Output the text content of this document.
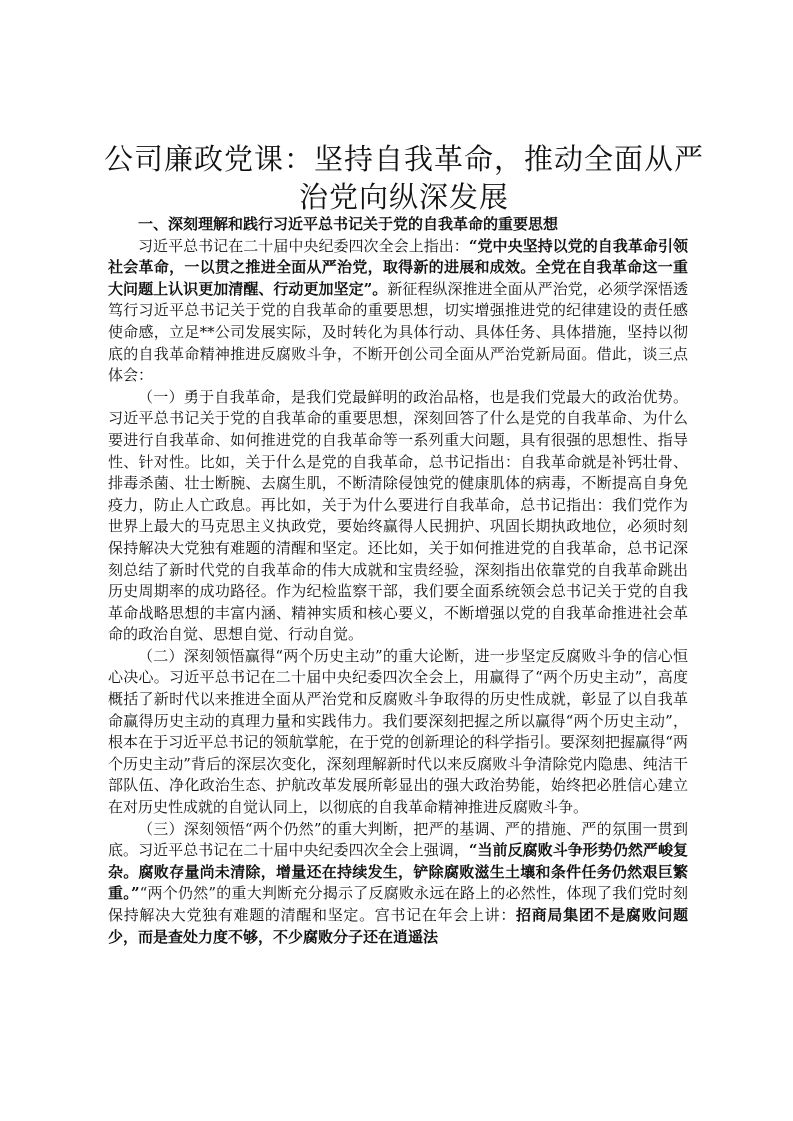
公司廉政党课：坚持自我革命，推动全面从严治党向纵深发展
一、深刻理解和践行习近平总书记关于党的自我革命的重要思想

习近平总书记在二十届中央纪委四次全会上指出：“党中央坚持以党的自我革命引领社会革命，一以贯之推进全面从严治党，取得新的进展和成效。全党在自我革命这一重大问题上认识更加清醒、行动更加坚定”。新征程纵深推进全面从严治党，必须学深悟透笃行习近平总书记关于党的自我革命的重要思想，切实增强推进党的纪律建设的责任感使命感，立足**公司发展实际，及时转化为具体行动、具体任务、具体措施，坚持以彻底的自我革命精神推进反腐败斗争，不断开创公司全面从严治党新局面。借此，谈三点体会：

（一）勇于自我革命，是我们党最鲜明的政治品格，也是我们党最大的政治优势。习近平总书记关于党的自我革命的重要思想，深刻回答了什么是党的自我革命、为什么要进行自我革命、如何推进党的自我革命等一系列重大问题，具有很强的思想性、指导性、针对性。比如，关于什么是党的自我革命，总书记指出：自我革命就是补钙壮骨、排毒杀菌、壮士断腕、去腐生肌，不断清除侵蚀党的健康肌体的病毒，不断提高自身免疫力，防止人亡政息。再比如，关于为什么要进行自我革命，总书记指出：我们党作为世界上最大的马克思主义执政党，要始终赢得人民拥护、巩固长期执政地位，必须时刻保持解决大党独有难题的清醒和坚定。还比如，关于如何推进党的自我革命，总书记深刻总结了新时代党的自我革命的伟大成就和宝贵经验，深刻指出依靠党的自我革命跳出历史周期率的成功路径。作为纪检监察干部，我们要全面系统领会总书记关于党的自我革命战略思想的丰富内涵、精神实质和核心要义，不断增强以党的自我革命推进社会革命的政治自觉、思想自觉、行动自觉。

（二）深刻领悟赢得“两个历史主动”的重大论断，进一步坚定反腐败斗争的信心恒心决心。习近平总书记在二十届中央纪委四次全会上，用赢得了“两个历史主动”，高度概括了新时代以来推进全面从严治党和反腐败斗争取得的历史性成就，彰显了以自我革命赢得历史主动的真理力量和实践伟力。我们要深刻把握之所以赢得“两个历史主动”，根本在于习近平总书记的领航掌舵，在于党的创新理论的科学指引。要深刻把握赢得“两个历史主动”背后的深层次变化，深刻理解新时代以来反腐败斗争清除党内隐患、纯洁干部队伍、净化政治生态、护航改革发展所彰显出的强大政治势能，始终把必胜信心建立在对历史性成就的自觉认同上，以彻底的自我革命精神推进反腐败斗争。

（三）深刻领悟“两个仍然”的重大判断，把严的基调、严的措施、严的氛围一贯到底。习近平总书记在二十届中央纪委四次全会上强调，“当前反腐败斗争形势仍然严峻复杂。腐败存量尚未清除，增量还在持续发生，铲除腐败滋生土壤和条件任务仍然艰巨繁重。”“两个仍然”的重大判断充分揭示了反腐败永远在路上的必然性，体现了我们党时刻保持解决大党独有难题的清醒和坚定。宫书记在年会上讲：招商局集团不是腐败问题少，而是查处力度不够，不少腐败分子还在逍遥法
